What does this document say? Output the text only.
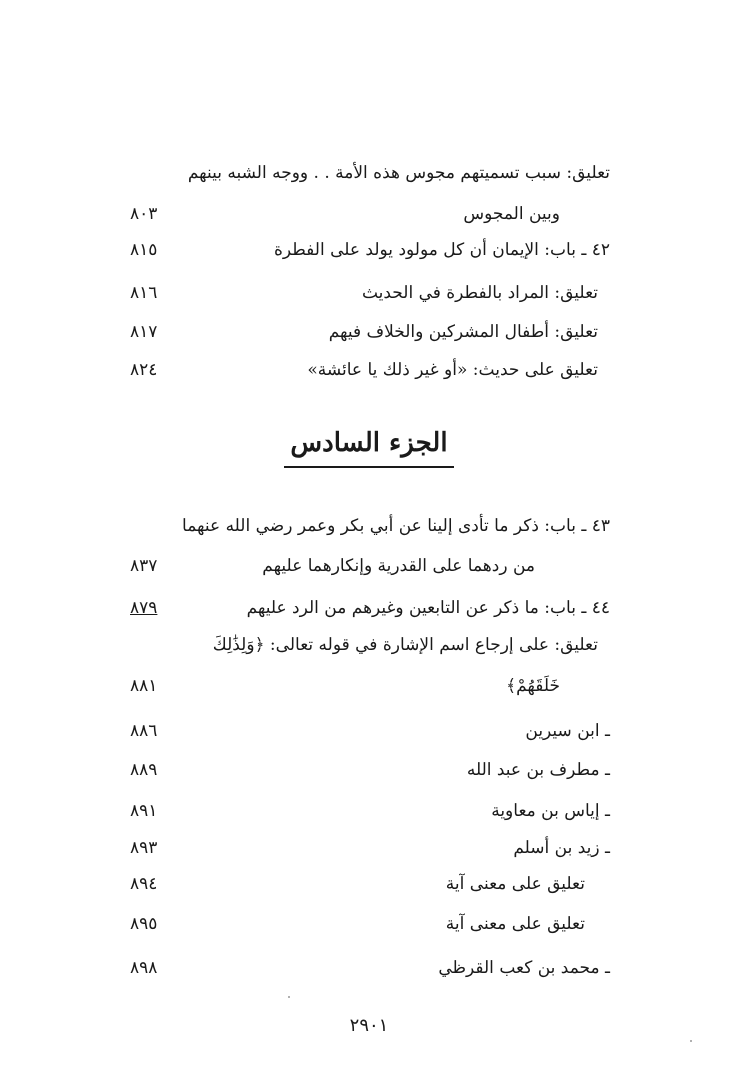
تعليق: سبب تسميتهم مجوس هذه الأمة . . ووجه الشبه بينهم
وبين المجوس
٨٠٣
٤٢ ـ باب: الإيمان أن كل مولود يولد على الفطرة
٨١٥
تعليق: المراد بالفطرة في الحديث
٨١٦
تعليق: أطفال المشركين والخلاف فيهم
٨١٧
تعليق على حديث: «أو غير ذلك يا عائشة»
٨٢٤
الجزء السادس
٤٣ ـ باب: ذكر ما تأدى إلينا عن أبي بكر وعمر رضي الله عنهما
من ردهما على القدرية وإنكارهما عليهم
٨٣٧
٤٤ ـ باب: ما ذكر عن التابعين وغيرهم من الرد عليهم
٨٧٩
تعليق: على إرجاع اسم الإشارة في قوله تعالى: ﴿وَلِذَٰلِكَ
خَلَقَهُمْ﴾
٨٨١
ـ ابن سيرين
٨٨٦
ـ مطرف بن عبد الله
٨٨٩
ـ إياس بن معاوية
٨٩١
ـ زيد بن أسلم
٨٩٣
تعليق على معنى آية
٨٩٤
تعليق على معنى آية
٨٩٥
ـ محمد بن كعب القرظي
٨٩٨
٢٩٠١
